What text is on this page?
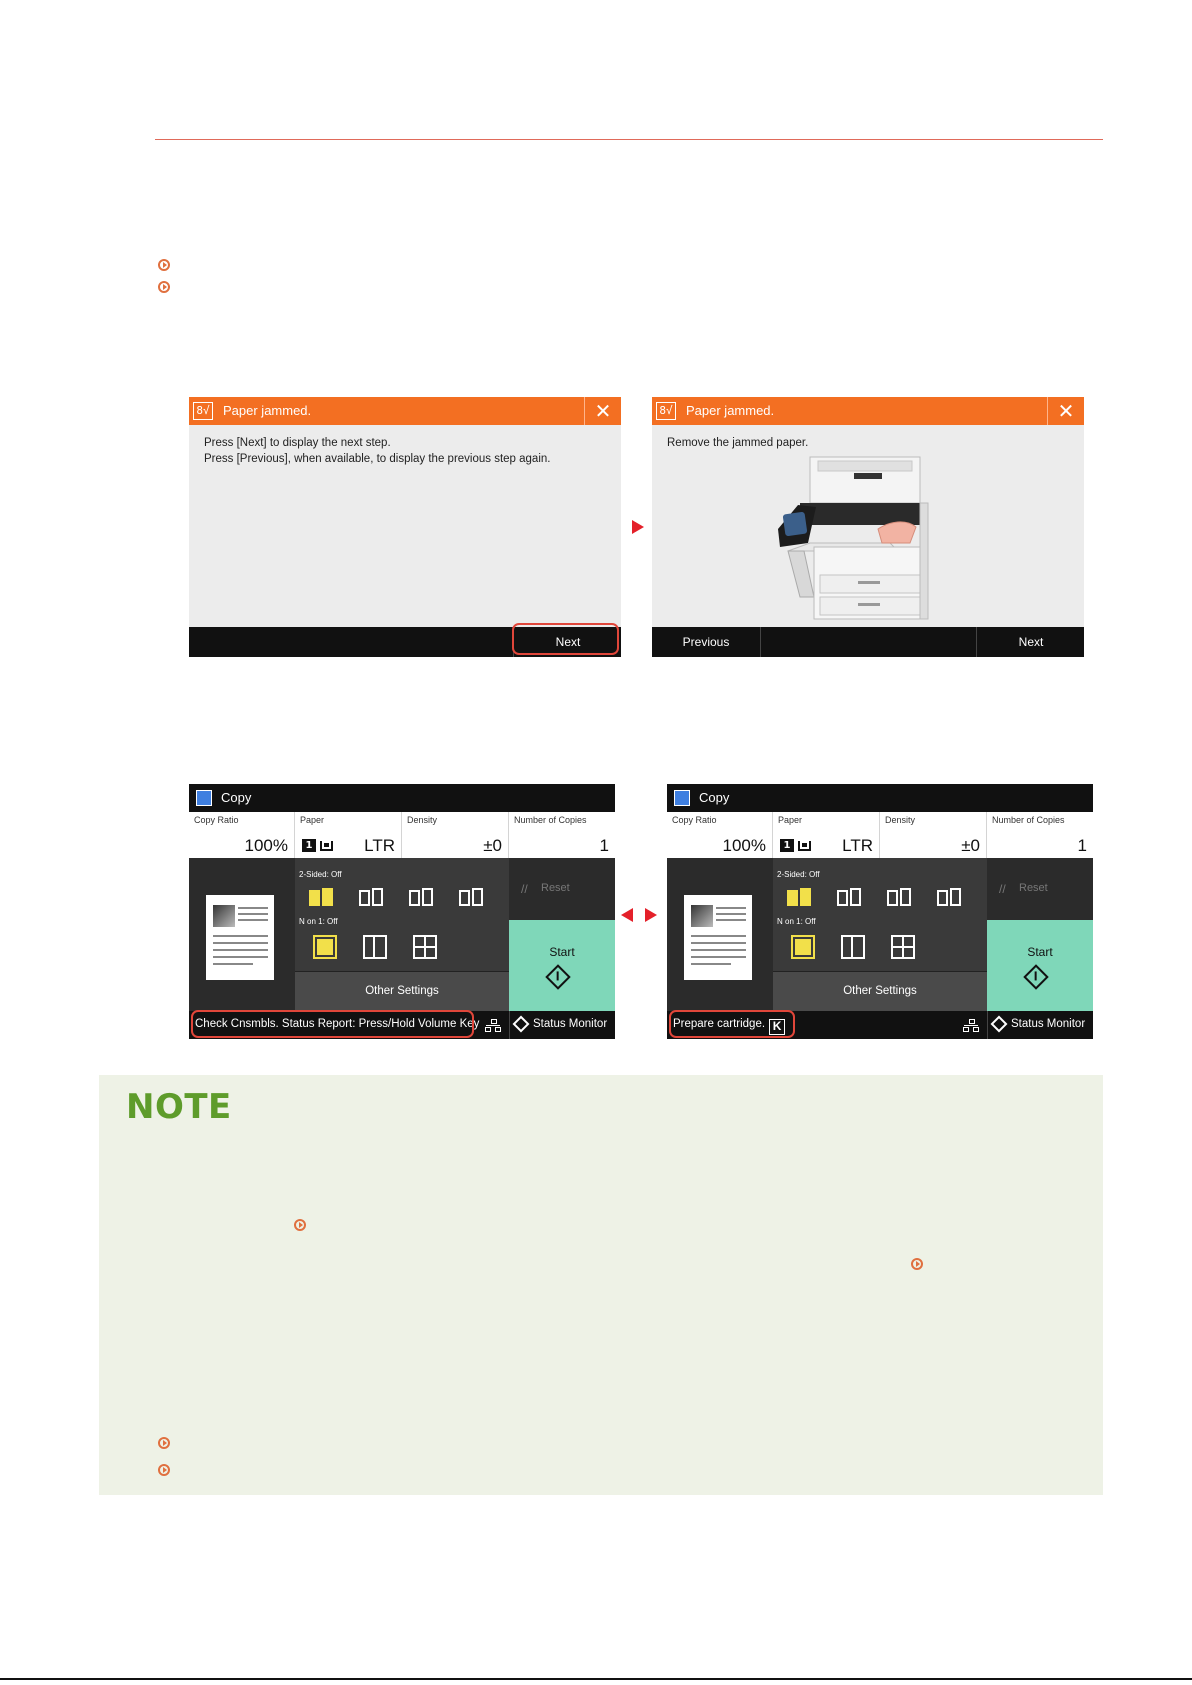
8√ Paper jammed.	✕
Press [Next] to display the next step.
Press [Previous], when available, to display the previous step again.
Next
8√ Paper jammed.	✕
Remove the jammed paper.
Previous	Next
Copy
Copy Ratio
100%
Paper
1	LTR
Density
±0
Number of Copies
1
2-Sided: Off
N on 1: Off
Other Settings
// Reset
Start
Check Cnsmbls. Status Report: Press/Hold Volume Key	Status Monitor
Copy
Copy Ratio
100%
Paper
1	LTR
Density
±0
Number of Copies
1
2-Sided: Off
N on 1: Off
Other Settings
// Reset
Start
Prepare cartridge. K	Status Monitor
NOTE
